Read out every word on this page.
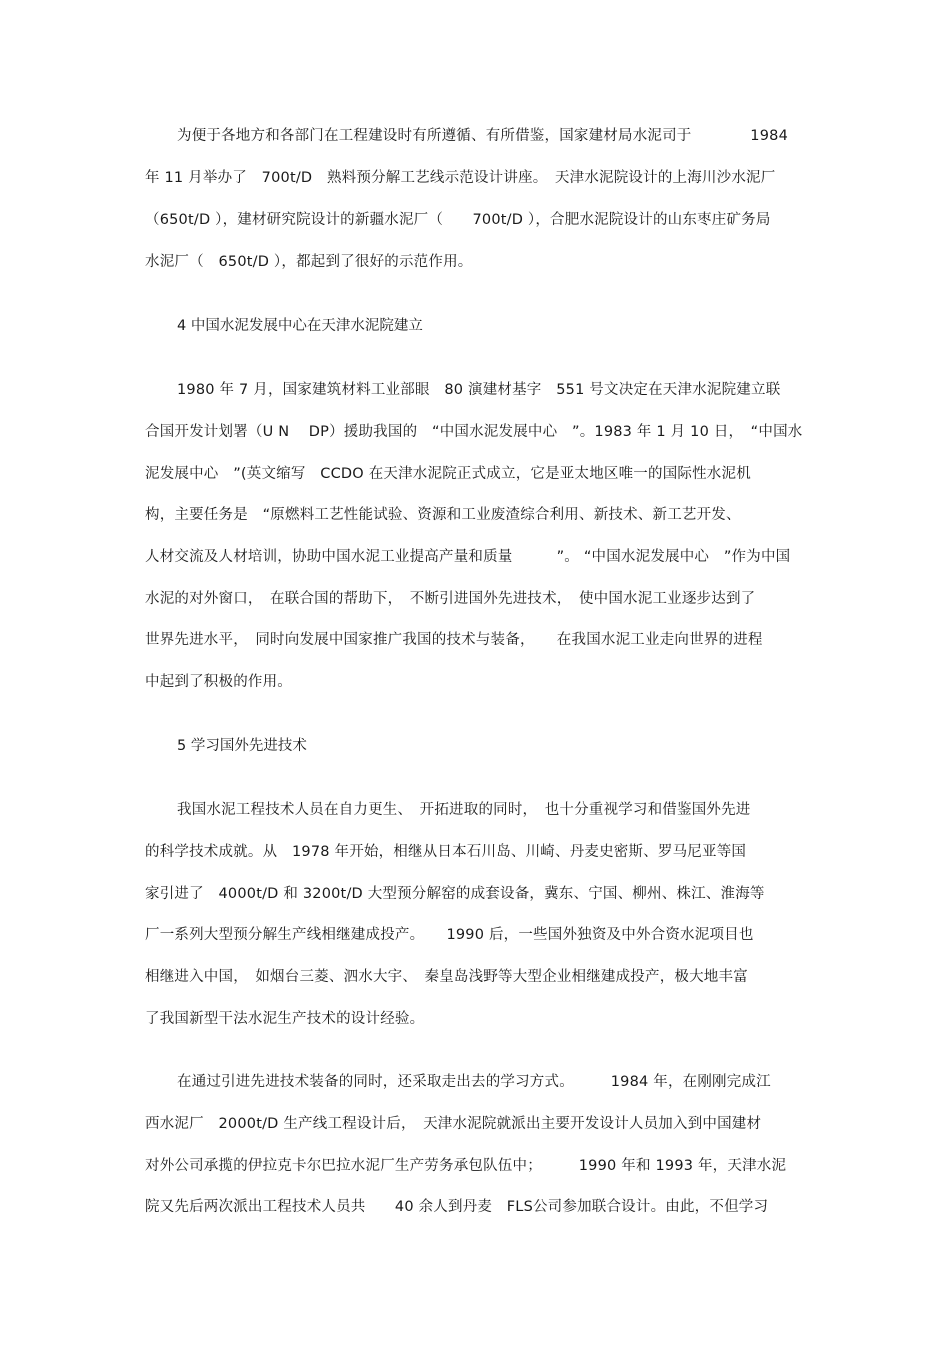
为便于各地方和各部门在工程建设时有所遵循、有所借鉴，国家建材局水泥司于　　　　1984
年 11 月举办了　700t/D　熟料预分解工艺线示范设计讲座。　天津水泥院设计的上海川沙水泥厂
（650t/D ），建材研究院设计的新疆水泥厂（　　700t/D ），合肥水泥院设计的山东枣庄矿务局
水泥厂（　650t/D ），都起到了很好的示范作用。
4 中国水泥发展中心在天津水泥院建立
1980 年 7 月，国家建筑材料工业部眼　80 演建材基字　551 号文决定在天津水泥院建立联
合国开发计划署（U N　 DP）援助我国的　“中国水泥发展中心　”。1983 年 1 月 10 日，　“中国水
泥发展中心　”(英文缩写　CCDO 在天津水泥院正式成立，它是亚太地区唯一的国际性水泥机
构，主要任务是　“原燃料工艺性能试验、资源和工业废渣综合利用、新技术、新工艺开发、
人材交流及人材培训，协助中国水泥工业提高产量和质量　　　”。 “中国水泥发展中心　”作为中国
水泥的对外窗口，　在联合国的帮助下，　不断引进国外先进技术，　使中国水泥工业逐步达到了
世界先进水平，　同时向发展中国家推广我国的技术与装备，　　在我国水泥工业走向世界的进程
中起到了积极的作用。
5 学习国外先进技术
我国水泥工程技术人员在自力更生、　开拓进取的同时，　也十分重视学习和借鉴国外先进
的科学技术成就。从　1978 年开始，相继从日本石川岛、川崎、丹麦史密斯、罗马尼亚等国
家引进了　4000t/D 和 3200t/D 大型预分解窑的成套设备，冀东、宁国、柳州、株江、淮海等
厂一系列大型预分解生产线相继建成投产。　　1990 后，一些国外独资及中外合资水泥项目也
相继进入中国，　如烟台三菱、泗水大宇、　秦皇岛浅野等大型企业相继建成投产，极大地丰富
了我国新型干法水泥生产技术的设计经验。
在通过引进先进技术装备的同时，还采取走出去的学习方式。　　　1984 年，在刚刚完成江
西水泥厂　2000t/D 生产线工程设计后，　天津水泥院就派出主要开发设计人员加入到中国建材
对外公司承揽的伊拉克卡尔巴拉水泥厂生产劳务承包队伍中；　　　1990 年和 1993 年，天津水泥
院又先后两次派出工程技术人员共　　40 余人到丹麦　FLS公司参加联合设计。由此，不但学习
